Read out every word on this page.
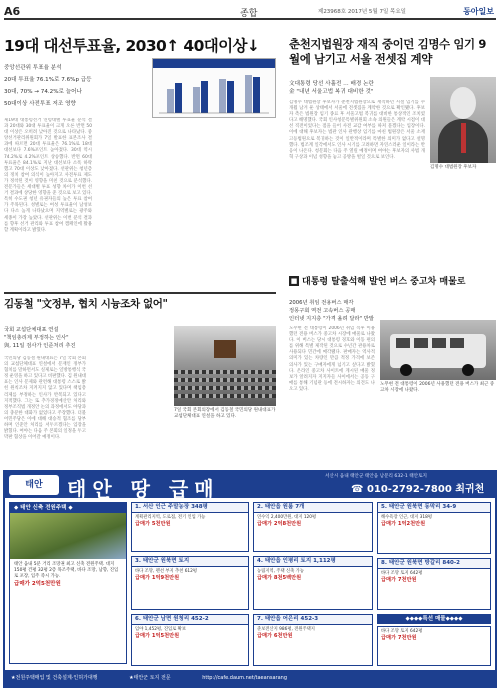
A6	종합	제23968호 2017년 5월 7일 목요일	동아일보
19대 대선투표율, 2030↑ 40대이상↓
중앙선관위 투표율 분석
20대 투표율 76.1%로 7.6%p 급등
30대, 70% → 74.2%로 늘어나
50대이상 사전투표 저조 영향
제19대 대통령선거 연령대별 투표율 분석 결과 20대와 30대 투표율이 크게 오른 반면 50대 이상은 오히려 낮아진 것으로 나타났다. 중앙선거관리위원회가 7일 발표한 표본조사 결과에 따르면 20대 투표율은 76.1%로 18대 대선보다 7.6%포인트 높아졌다. 30대 역시 74.2%로 4.2%포인트 상승했다. 반면 60대 투표율은 84.1%로 지난 대선보다 소폭 하락했고 70대 이상도 낮아졌다. 선관위는 청년층의 정치 참여 의식이 높아지고 사전투표 제도가 정착된 것이 영향을 미친 것으로 분석했다. 전문가들은 세대별 투표 성향 차이가 이번 선거 결과에 상당한 영향을 준 것으로 보고 있다. 특히 수도권 청년 유권자들의 높은 투표 참여가 주목된다. 성별로는 여성 투표율이 남성보다 다소 높게 나타났으며 지역별로는 광주와 세종이 가장 높았다. 선관위는 이번 분석 결과를 향후 선거 관리와 투표 참여 캠페인에 활용할 계획이라고 밝혔다.
춘천지법원장 재직 중이던 김명수 임기 9월에 남기고 서울 전셋집 계약
文대통령 당선 사흘전 … 배경 논란
金 "내년 서울고법 복귀 대비한 것"
김명수 대법원장 후보자
김명수 대법원장 후보자가 춘천지법원장으로 재직하던 시절 임기를 수개월 남겨 둔 상태에서 서울에 전셋집을 계약한 것으로 확인됐다. 후보자 측은 법원장 임기 종료 후 서울고법 복귀를 대비한 통상적인 조치였다고 해명했다. 국회 인사청문특별위원회 소속 의원들은 계약 시점이 대선 직전이었다는 점을 들어 사전 교감 여부를 따져 묻겠다는 입장이다. 이에 대해 후보자는 법관 인사 관행상 임기를 마친 법원장은 서울 소재 고등법원으로 복귀하는 것이 일반적이라며 특별한 의미가 없다고 설명했다. 법조계 일각에서도 인사 시기를 고려하면 자연스러운 일이라는 반응이 나온다. 청문회는 다음 주 열릴 예정이며 여야는 후보자의 사법 개혁 구상과 이념 성향을 놓고 공방을 벌일 것으로 보인다.
■ 대통령 탈출석해 발언 버스 중고차 매물로
2006년 취임 전용버스 매각
정몽구회 역전 고속버스 공매
인터넷 지지층 "가격 올려 달라" 반발
노무현 전 대통령이 2006년 사용했던 전용 버스가 최근 중고차 시장에 나왔다.
노무현 전 대통령이 2006년 취임 직후 이용했던 전용 버스가 중고차 시장에 매물로 나왔다. 이 버스는 당시 대통령 경호와 이동 편의를 위해 특별 제작된 것으로 수년간 관용차로 사용되다 민간에 매각됐다. 판매자는 역사적 의미가 있는 차량인 만큼 적정 가격에 보존 의사가 있는 구매자에게 넘기고 싶다고 밝혔다. 온라인 중고차 사이트에 게시된 매물 정보가 알려지자 지지자들 사이에서는 공동 구매를 통해 기념관 등에 전시하자는 의견도 나오고 있다.
김동철 "文정부, 협치 시늉조차 없어"
국회 교섭단체대표 연설
"책임총리제 부정하는 인사"
與, 11일 검사가 인준처리 추진
7일 국회 본회의장에서 김동철 국민의당 원내대표가 교섭단체대표 연설을 하고 있다.
국민의당 김동철 원내대표는 7일 국회 본회의 교섭단체대표 연설에서 문재인 정부가 협치를 말하면서도 실제로는 일방통행식 국정 운영을 하고 있다고 비판했다. 김 원내대표는 인사 문제와 관련해 대통령 스스로 밝힌 원칙조차 지켜지지 않고 있다며 책임총리제를 부정하는 인사가 반복되고 있다고 지적했다. 그는 또 추가경정예산안 처리와 정부조직법 개정안 논의 과정에서도 야당과의 충분한 대화가 없었다고 주장했다. 더불어민주당은 이에 대해 대승적 협조를 당부하며 인준안 처리를 서두르겠다는 입장을 밝혔다. 여야는 다음 주 본회의 일정을 두고 막판 협상을 이어갈 예정이다.
태안	태안 땅 급매
서산시 읍내 태안군 태안읍 남문리 632-1 태안토지
☎ 010-2792-7800 최귀천
◆ 태안 신축 전원주택 ◆
태안 읍내 5분 거리 조망권 최고 신축 전원주택. 대지 150평 건평 32평 2층 목조주택, 바다 조망, 남향, 진입로 포장, 입주 즉시 가능.
급매가 2억5천만원
1. 서산 인근 주말농장 348평
계획관리지역, 도로접, 전기 인입 가능
급매가 5천만원
2. 태안읍 원룸 7개
연수익 2,400만원, 대지 120평
급매가 2억8천만원
3. 태안군 원북면 토지
바다 조망, 펜션 부지 추천 612평
급매가 1억9천만원
4. 태안읍 인평리 토지 1,112평
농림지역, 주택 신축 가능
급매가 8천5백만원
5. 태안군 원북면 동막리 34-9
해수욕장 인근, 대지 318평
급매가 1억2천만원
6. 태안군 남면 원청리 452-2
임야 1,452평, 진입로 확보
급매가 1억5천만원
7. 태안읍 어은리 452-3
준보전산지 986평, 전원주택지
급매가 6천만원
8. 태안군 원북면 방갈리 840-2
바다 조망 토지 642평
급매가 7천만원
◆◆◆◆특선 매물◆◆◆◆
바다 조망 토지 642평
급매가 7천만원
★전원주택매입 및 건축설계·인허가대행	★태안군 토지 전문	http://cafe.daum.net/taeansarang
